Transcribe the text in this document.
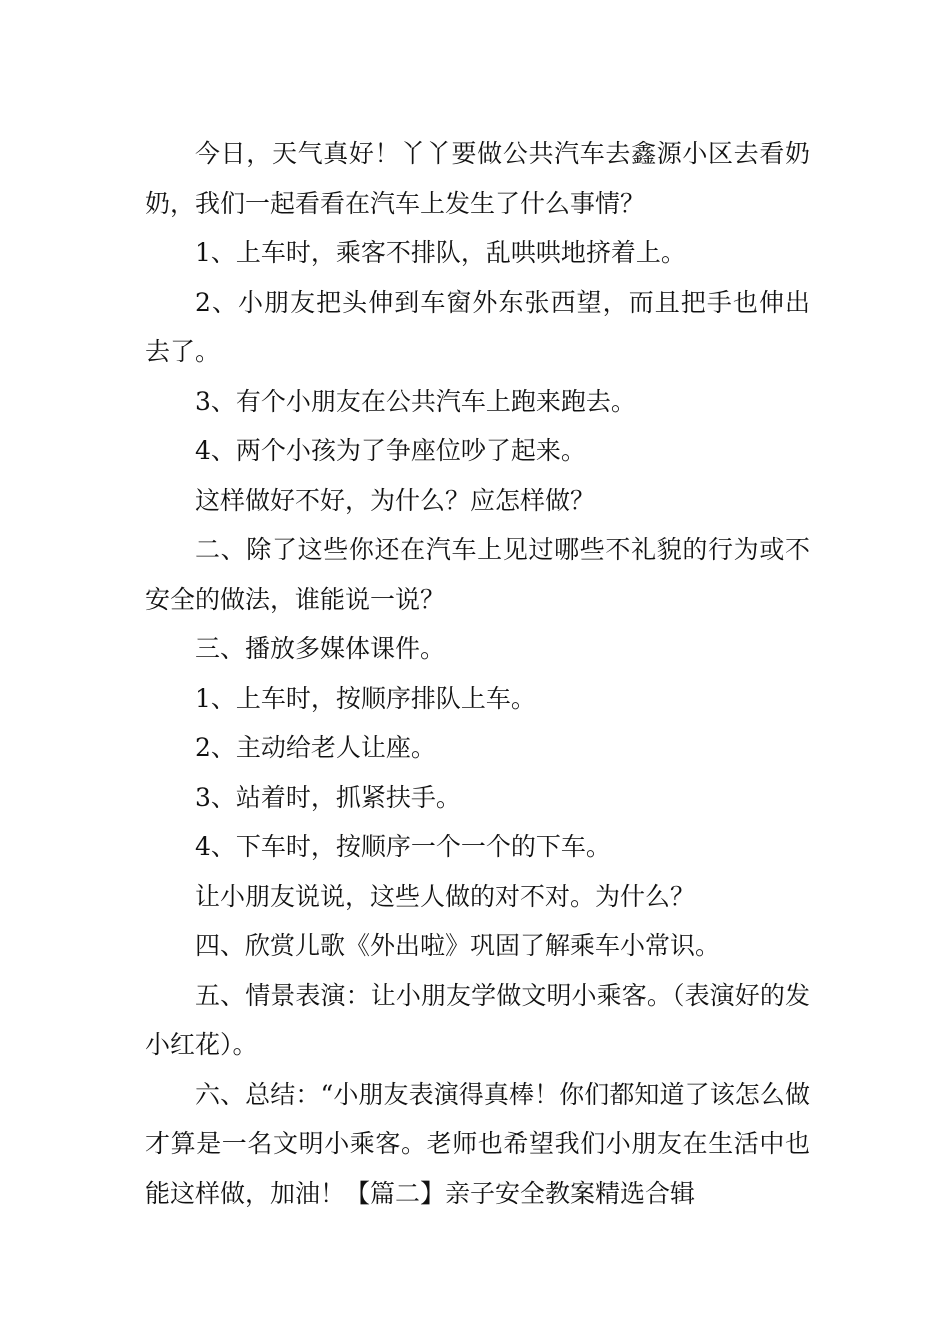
今日，天气真好！丫丫要做公共汽车去鑫源小区去看奶奶，我们一起看看在汽车上发生了什么事情？

1、上车时，乘客不排队，乱哄哄地挤着上。

2、小朋友把头伸到车窗外东张西望，而且把手也伸出去了。

3、有个小朋友在公共汽车上跑来跑去。

4、两个小孩为了争座位吵了起来。

这样做好不好，为什么？应怎样做？

二、除了这些你还在汽车上见过哪些不礼貌的行为或不安全的做法，谁能说一说？

三、播放多媒体课件。

1、上车时，按顺序排队上车。

2、主动给老人让座。

3、站着时，抓紧扶手。

4、下车时，按顺序一个一个的下车。

让小朋友说说，这些人做的对不对。为什么？

四、欣赏儿歌《外出啦》巩固了解乘车小常识。

五、情景表演：让小朋友学做文明小乘客。（表演好的发小红花）。

六、总结：“小朋友表演得真棒！你们都知道了该怎么做才算是一名文明小乘客。老师也希望我们小朋友在生活中也能这样做，加油！【篇二】亲子安全教案精选合辑
